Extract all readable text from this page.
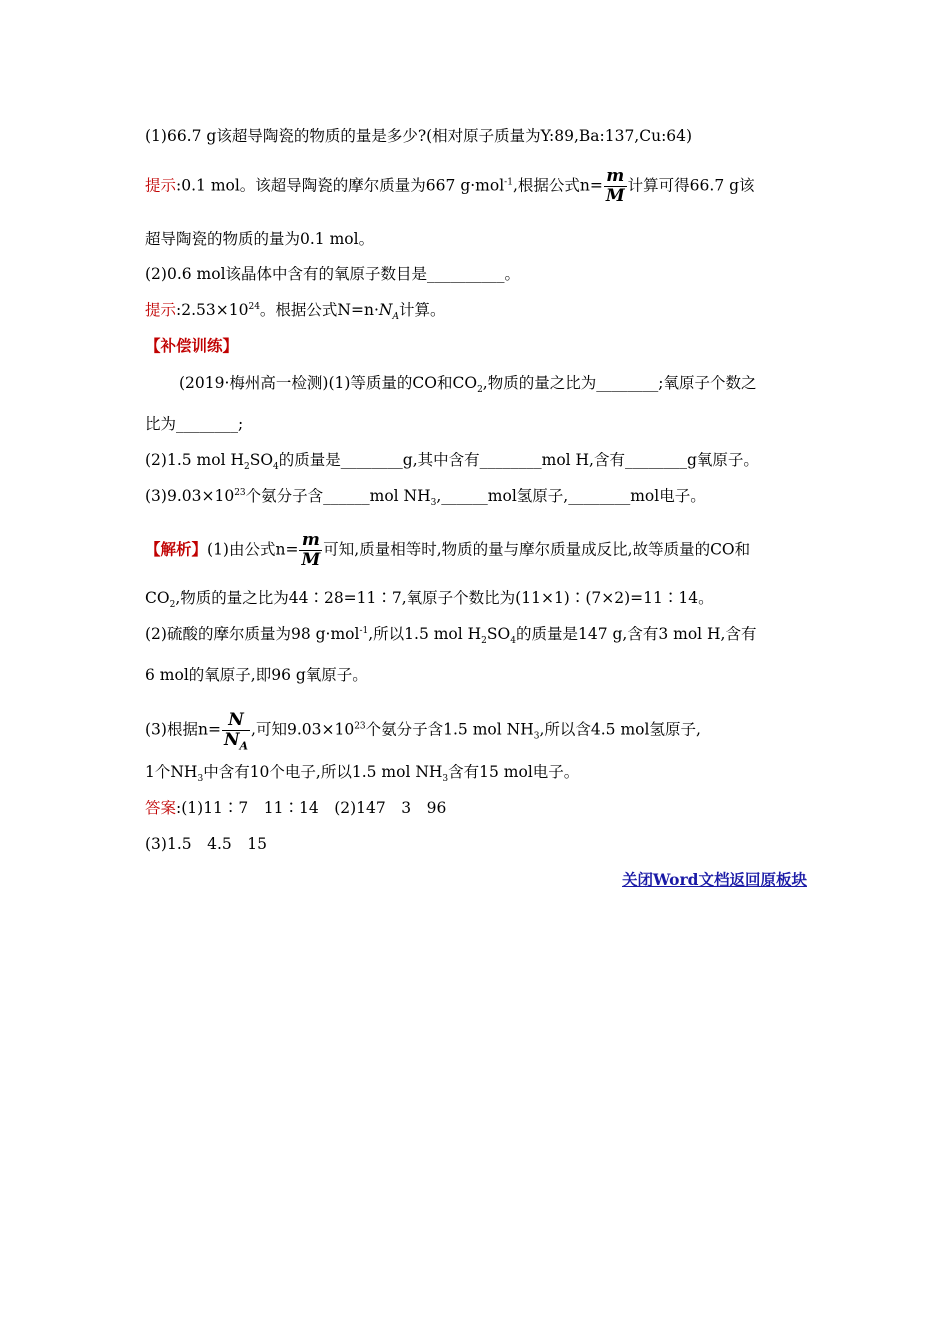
(1)66.7 g该超导陶瓷的物质的量是多少?(相对原子质量为Y:89,Ba:137,Cu:64)
提示:0.1 mol。该超导陶瓷的摩尔质量为667 g·mol$^{-1}$,根据公式$n= \frac{m}{M}$ 计算可得66.7 g该
超导陶瓷的物质的量为0.1 mol。
(2)0.6 mol该晶体中含有的氧原子数目是__________。
提示$:2.53\times 10^{24}$。根据公式$N=n\cdot N_A$计算。
【补偿训练】
(2019·梅州高一检测)(1)等质量的CO和$CO_2$,物质的量之比为________;氧原子个数之
比为________;
(2)1.5 mol $H_2SO_4$的质量是________g,其中含有________mol H,含有________g氧原子。
$(3)9.03\times 10^{23}$个氨分子含______mol $NH_3,\_\_\_\_\_\_mol$氢原子,________mol电子。
【解析】(1)由公式$n= \frac{m}{M}$ 可知,质量相等时,物质的量与摩尔质量成反比,故等质量的CO和
$CO_2$,物质的量之比为44∶28=11∶7,氧原子个数比为(11×1)∶(7×2)=11∶14。
(2)硫酸的摩尔质量为98 g·mol$^{-1}$,所以1.5 mol $H_2SO_4$的质量是147 g,含有3 mol H,含有
6 mol的氧原子,即96 g氧原子。
(3)根据$n= \frac{N}{N_A}$ ,可知$9.03\times 10^{23}$个氨分子含1.5 mol $NH_3$,所以含4.5 mol氢原子,
1个$NH_3$中含有10个电子,所以1.5 mol $NH_3$含有15 mol电子。
答案:(1)11∶7　11∶14　(2)147　3　96
(3)1.5　4.5　15
关闭Word文档返回原板块
